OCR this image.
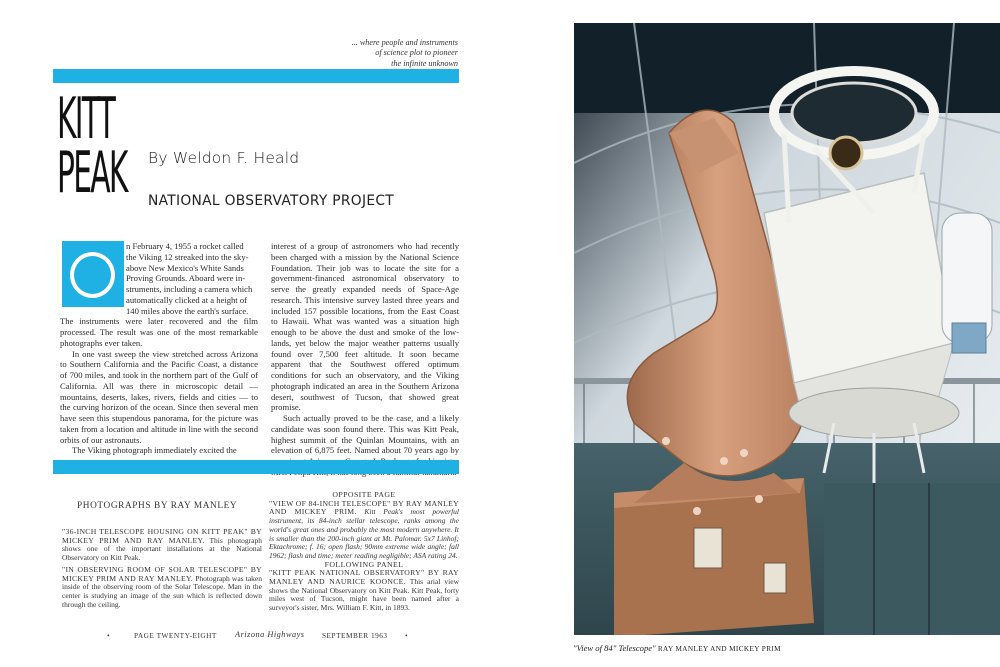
... where people and instruments
of science plot to pioneer
the infinite unknown
KITT
PEAK By Weldon F. Heald
NATIONAL OBSERVATORY PROJECT
n February 4, 1955 a rocket called
the Viking 12 streaked into the sky-
above New Mexico's White Sands
Proving Grounds. Aboard were in-
struments, including a camera which
automatically clicked at a height of
140 miles above the earth's surface.

The instruments were later recovered and the film processed. The result was one of the most remarkable photographs ever taken.

In one vast sweep the view stretched across Arizona to Southern California and the Pacific Coast, a distance of 700 miles, and took in the northern part of the Gulf of California. All was there in microscopic detail — mountains, deserts, lakes, rivers, fields and cities — to the curving horizon of the ocean. Since then several men have seen this stupendous panorama, for the picture was taken from a location and altitude in line with the second orbits of our astronauts.

The Viking photograph immediately excited the

interest of a group of astronomers who had recently been charged with a mission by the National Science Foundation. Their job was to locate the site for a government-financed astronomical observatory to serve the greatly expanded needs of Space-Age research. This intensive survey lasted three years and included 157 possible locations, from the East Coast to Hawaii. What was wanted was a situation high enough to be above the dust and smoke of the low-lands, yet below the major weather patterns usually found over 7,500 feet altitude. It soon became apparent that the Southwest offered optimum conditions for such an observatory, and the Viking photograph indicated an area in the Southern Arizona desert, southwest of Tucson, that showed great promise.

Such actually proved to be the case, and a likely candidate was soon found there. This was Kitt Peak, highest summit of the Quinlan Mountains, with an elevation of 6,875 feet. Named about 70 years ago by

PHOTOGRAPHS BY RAY MANLEY
"36-INCH TELESCOPE HOUSING ON KITT PEAK" BY MICKEY PRIM AND RAY MANLEY. This photograph shows one of the important installations at the National Observatory on Kitt Peak.
"IN OBSERVING ROOM OF SOLAR TELESCOPE" BY MICKEY PRIM AND RAY MANLEY. Photograph was taken inside of the observing room of the Solar Telescope. Man in the center is studying an image of the sun which is reflected down through the ceiling.
OPPOSITE PAGE
"VIEW OF 84-INCH TELESCOPE" BY RAY MANLEY AND MICKEY PRIM. Kitt Peak's most powerful instrument, its 84-inch stellar telescope, ranks among the world's great ones and probably the most modern anywhere. It is smaller than the 200-inch giant at Mt. Palomar. 5x7 Linhof; Ektachrome; f. 16; open flash; 90mm extreme wide angle; fall 1962; flash and time; meter reading negligible; ASA rating 24.
FOLLOWING PANEL
"KITT PEAK NATIONAL OBSERVATORY" BY RAY MANLEY AND NAURICE KOONCE. This arial view shows the National Observatory on Kitt Peak. Kitt Peak, forty miles west of Tucson, might have been named after a surveyor's sister, Mrs. William F. Kitt, in 1893.
•	PAGE TWENTY-EIGHT Arizona Highways SEPTEMBER 1963 •
"View of 84" Telescope" RAY MANLEY AND MICKEY PRIM
